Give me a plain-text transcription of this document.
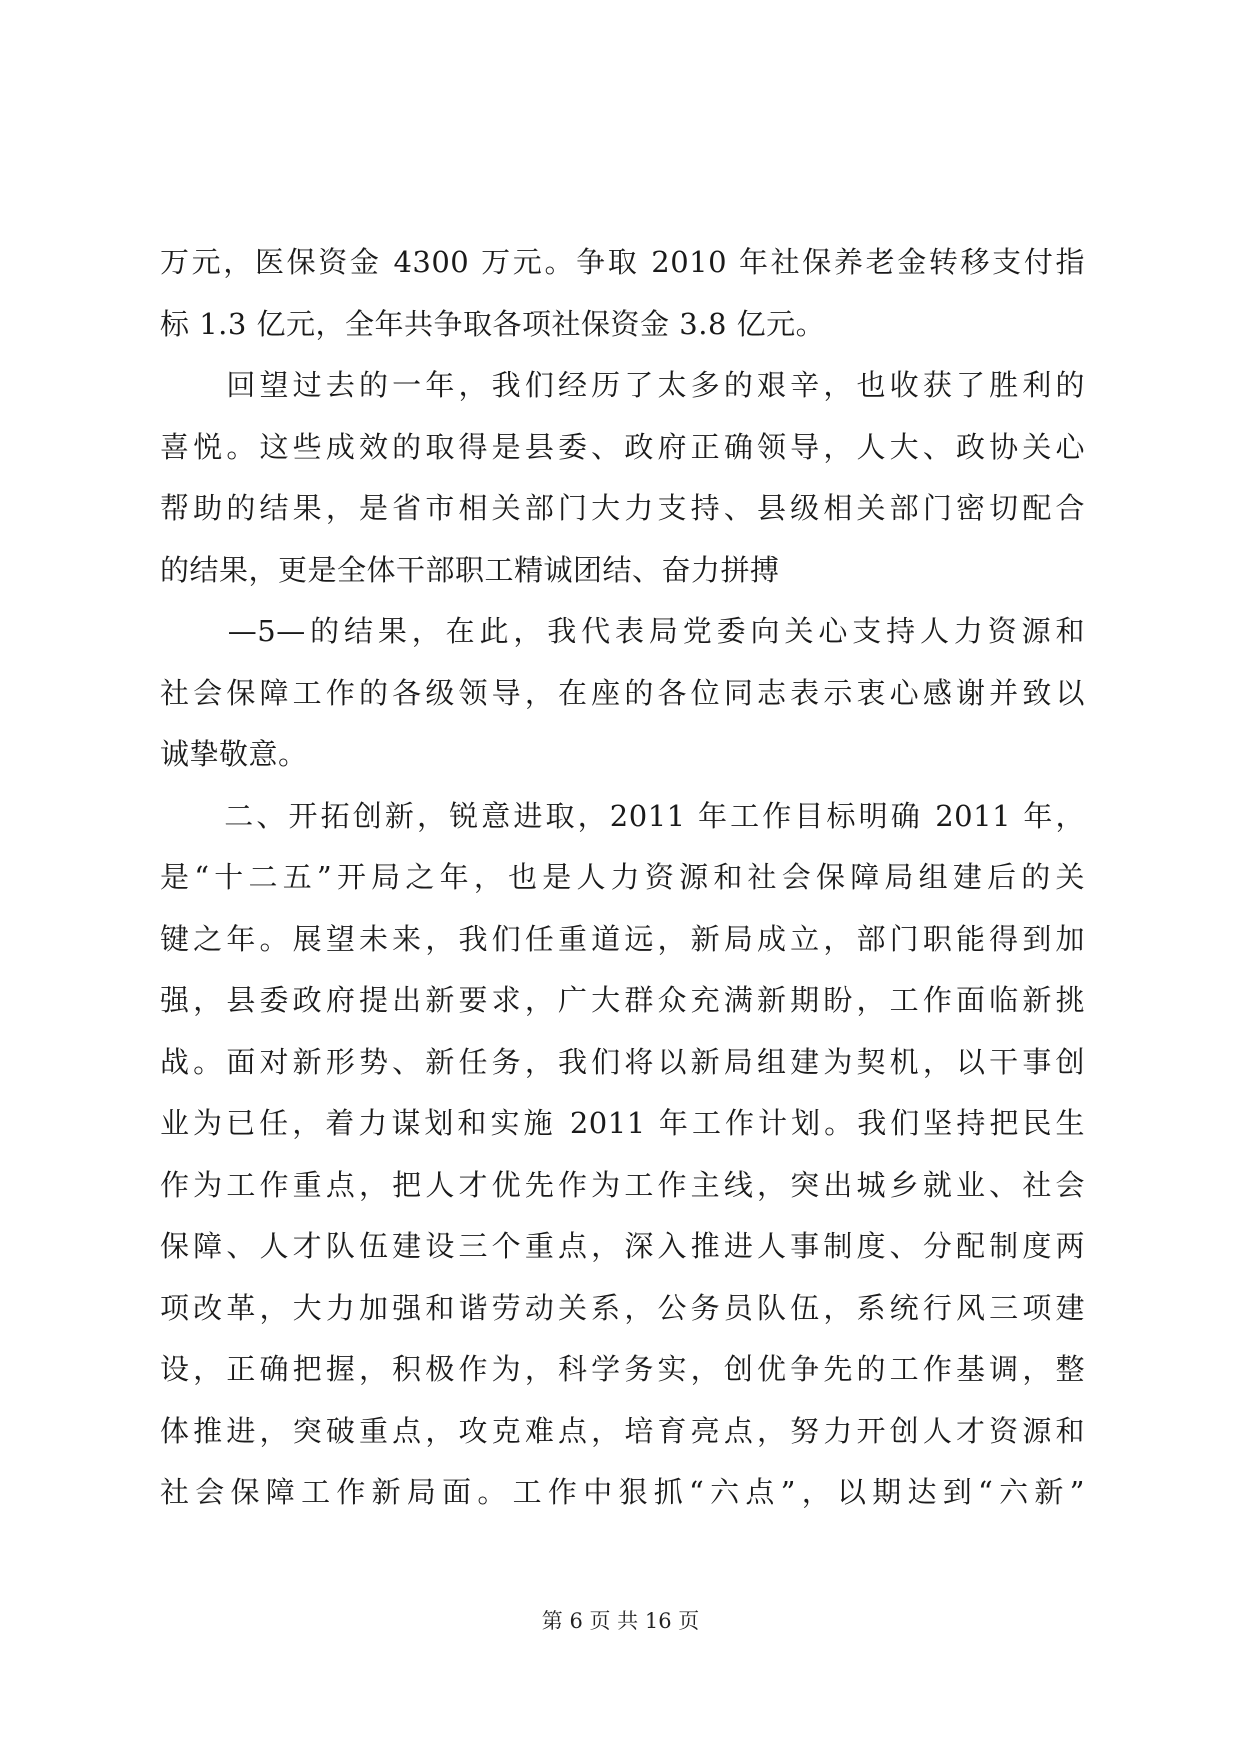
万元，医保资金 4300 万元。争取 2010 年社保养老金转移支付指
标 1.3 亿元，全年共争取各项社保资金 3.8 亿元。
　　回望过去的一年，我们经历了太多的艰辛，也收获了胜利的
喜悦。这些成效的取得是县委、政府正确领导，人大、政协关心
帮助的结果，是省市相关部门大力支持、县级相关部门密切配合
的结果，更是全体干部职工精诚团结、奋力拼搏
　　—5—的结果，在此，我代表局党委向关心支持人力资源和
社会保障工作的各级领导，在座的各位同志表示衷心感谢并致以
诚挚敬意。
　　二、开拓创新，锐意进取，2011 年工作目标明确 2011 年，
是“十二五”开局之年，也是人力资源和社会保障局组建后的关
键之年。展望未来，我们任重道远，新局成立，部门职能得到加
强，县委政府提出新要求，广大群众充满新期盼，工作面临新挑
战。面对新形势、新任务，我们将以新局组建为契机，以干事创
业为已任，着力谋划和实施 2011 年工作计划。我们坚持把民生
作为工作重点，把人才优先作为工作主线，突出城乡就业、社会
保障、人才队伍建设三个重点，深入推进人事制度、分配制度两
项改革，大力加强和谐劳动关系，公务员队伍，系统行风三项建
设，正确把握，积极作为，科学务实，创优争先的工作基调，整
体推进，突破重点，攻克难点，培育亮点，努力开创人才资源和
社会保障工作新局面。工作中狠抓“六点”，以期达到“六新”
第 6 页 共 16 页
